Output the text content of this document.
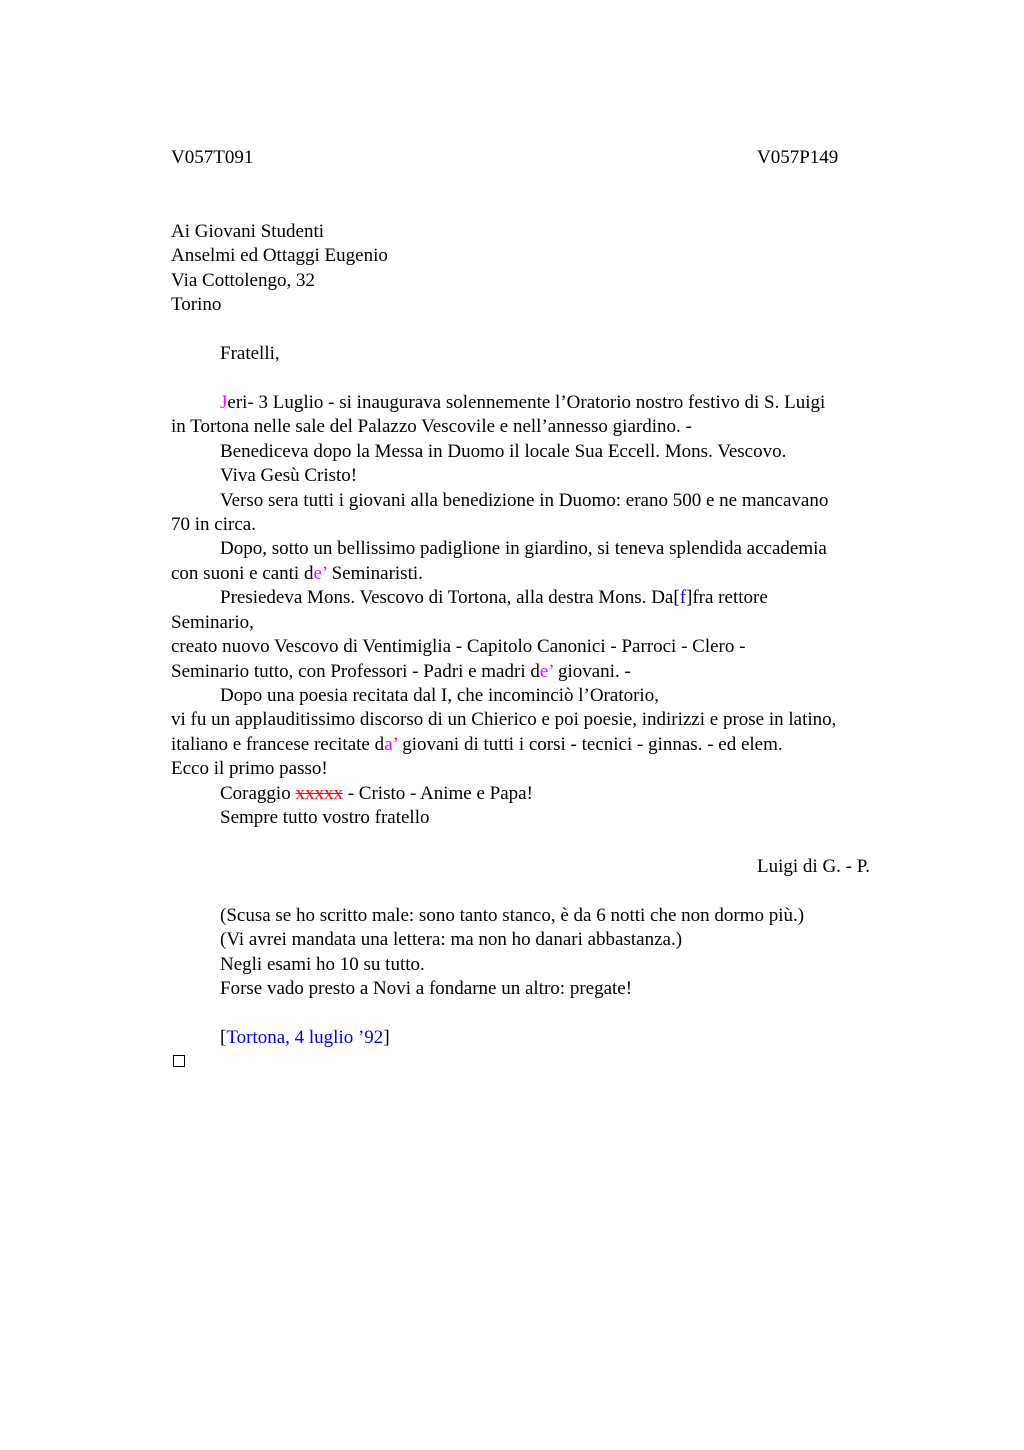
V057T091	V057P149
Ai Giovani Studenti
Anselmi ed Ottaggi Eugenio
Via Cottolengo, 32
Torino
Fratelli,
Jeri- 3 Luglio - si inaugurava solennemente l’Oratorio nostro festivo di S. Luigi
in Tortona nelle sale del Palazzo Vescovile e nell’annesso giardino. -
Benediceva dopo la Messa in Duomo il locale Sua Eccell. Mons. Vescovo.
Viva Gesù Cristo!
Verso sera tutti i giovani alla benedizione in Duomo: erano 500 e ne mancavano
70 in circa.
Dopo, sotto un bellissimo padiglione in giardino, si teneva splendida accademia
con suoni e canti de’ Seminaristi.
Presiedeva Mons. Vescovo di Tortona, alla destra Mons. Da[f]fra rettore
Seminario,
creato nuovo Vescovo di Ventimiglia - Capitolo Canonici - Parroci - Clero -
Seminario tutto, con Professori - Padri e madri de’ giovani. -
Dopo una poesia recitata dal I, che incominciò l’Oratorio,
vi fu un applauditissimo discorso di un Chierico e poi poesie, indirizzi e prose in latino,
italiano e francese recitate da’ giovani di tutti i corsi - tecnici - ginnas. - ed elem.
Ecco il primo passo!
Coraggio xxxxx - Cristo - Anime e Papa!
Sempre tutto vostro fratello
Luigi di G. - P.
(Scusa se ho scritto male: sono tanto stanco, è da 6 notti che non dormo più.)
(Vi avrei mandata una lettera: ma non ho danari abbastanza.)
Negli esami ho 10 su tutto.
Forse vado presto a Novi a fondarne un altro: pregate!
[Tortona, 4 luglio ’92]
